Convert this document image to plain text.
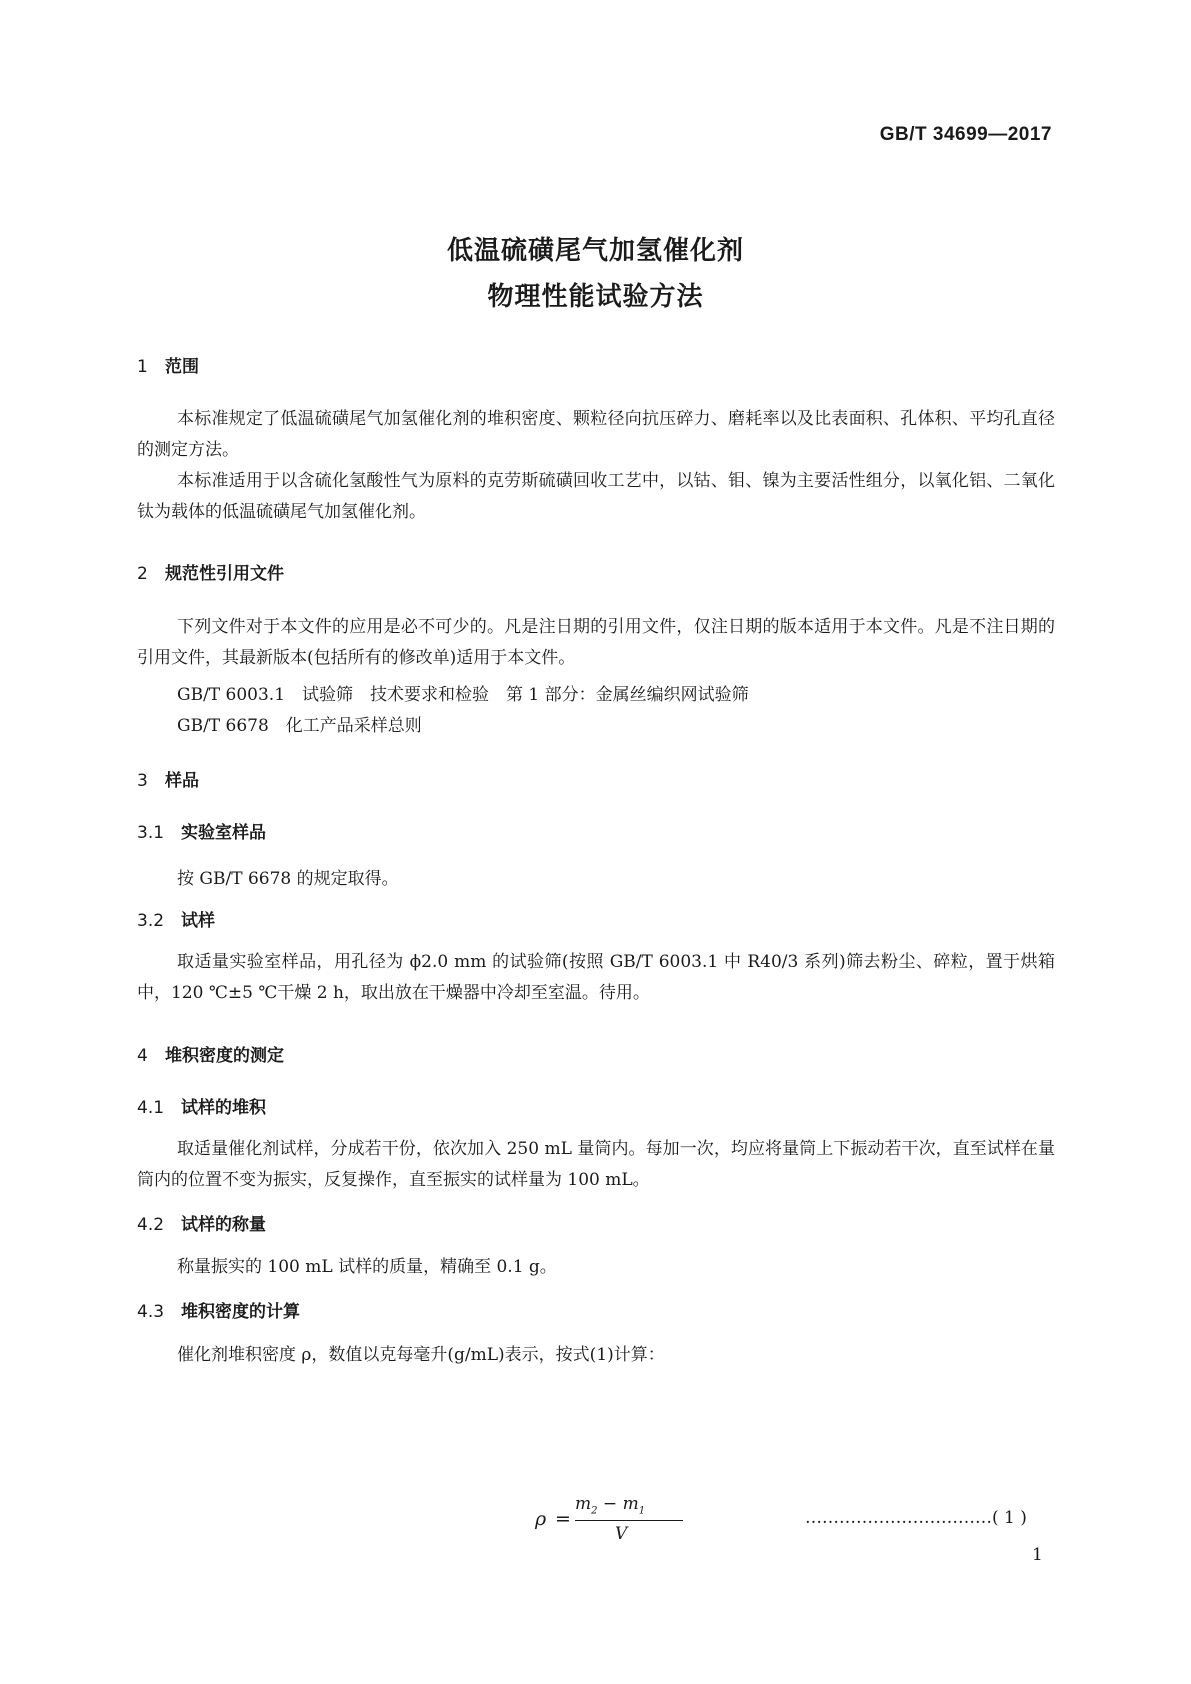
GB/T 34699—2017
低温硫磺尾气加氢催化剂
物理性能试验方法
1 范围
本标准规定了低温硫磺尾气加氢催化剂的堆积密度、颗粒径向抗压碎力、磨耗率以及比表面积、孔体积、平均孔直径的测定方法。
本标准适用于以含硫化氢酸性气为原料的克劳斯硫磺回收工艺中，以钴、钼、镍为主要活性组分，以氧化铝、二氧化钛为载体的低温硫磺尾气加氢催化剂。
2 规范性引用文件
下列文件对于本文件的应用是必不可少的。凡是注日期的引用文件，仅注日期的版本适用于本文件。凡是不注日期的引用文件，其最新版本(包括所有的修改单)适用于本文件。
GB/T 6003.1　试验筛　技术要求和检验　第 1 部分：金属丝编织网试验筛
GB/T 6678　化工产品采样总则
3 样品
3.1 实验室样品
按 GB/T 6678 的规定取得。
3.2 试样
取适量实验室样品，用孔径为 ϕ2.0 mm 的试验筛(按照 GB/T 6003.1 中 R40/3 系列)筛去粉尘、碎粒，置于烘箱中，120 ℃±5 ℃干燥 2 h，取出放在干燥器中冷却至室温。待用。
4 堆积密度的测定
4.1 试样的堆积
取适量催化剂试样，分成若干份，依次加入 250 mL 量筒内。每加一次，均应将量筒上下振动若干次，直至试样在量筒内的位置不变为振实，反复操作，直至振实的试样量为 100 mL。
4.2 试样的称量
称量振实的 100 mL 试样的质量，精确至 0.1 g。
4.3 堆积密度的计算
催化剂堆积密度 ρ，数值以克每毫升(g/mL)表示，按式(1)计算：
ρ =
$m_2 - m_1$
V
……………………………( 1 )
1
